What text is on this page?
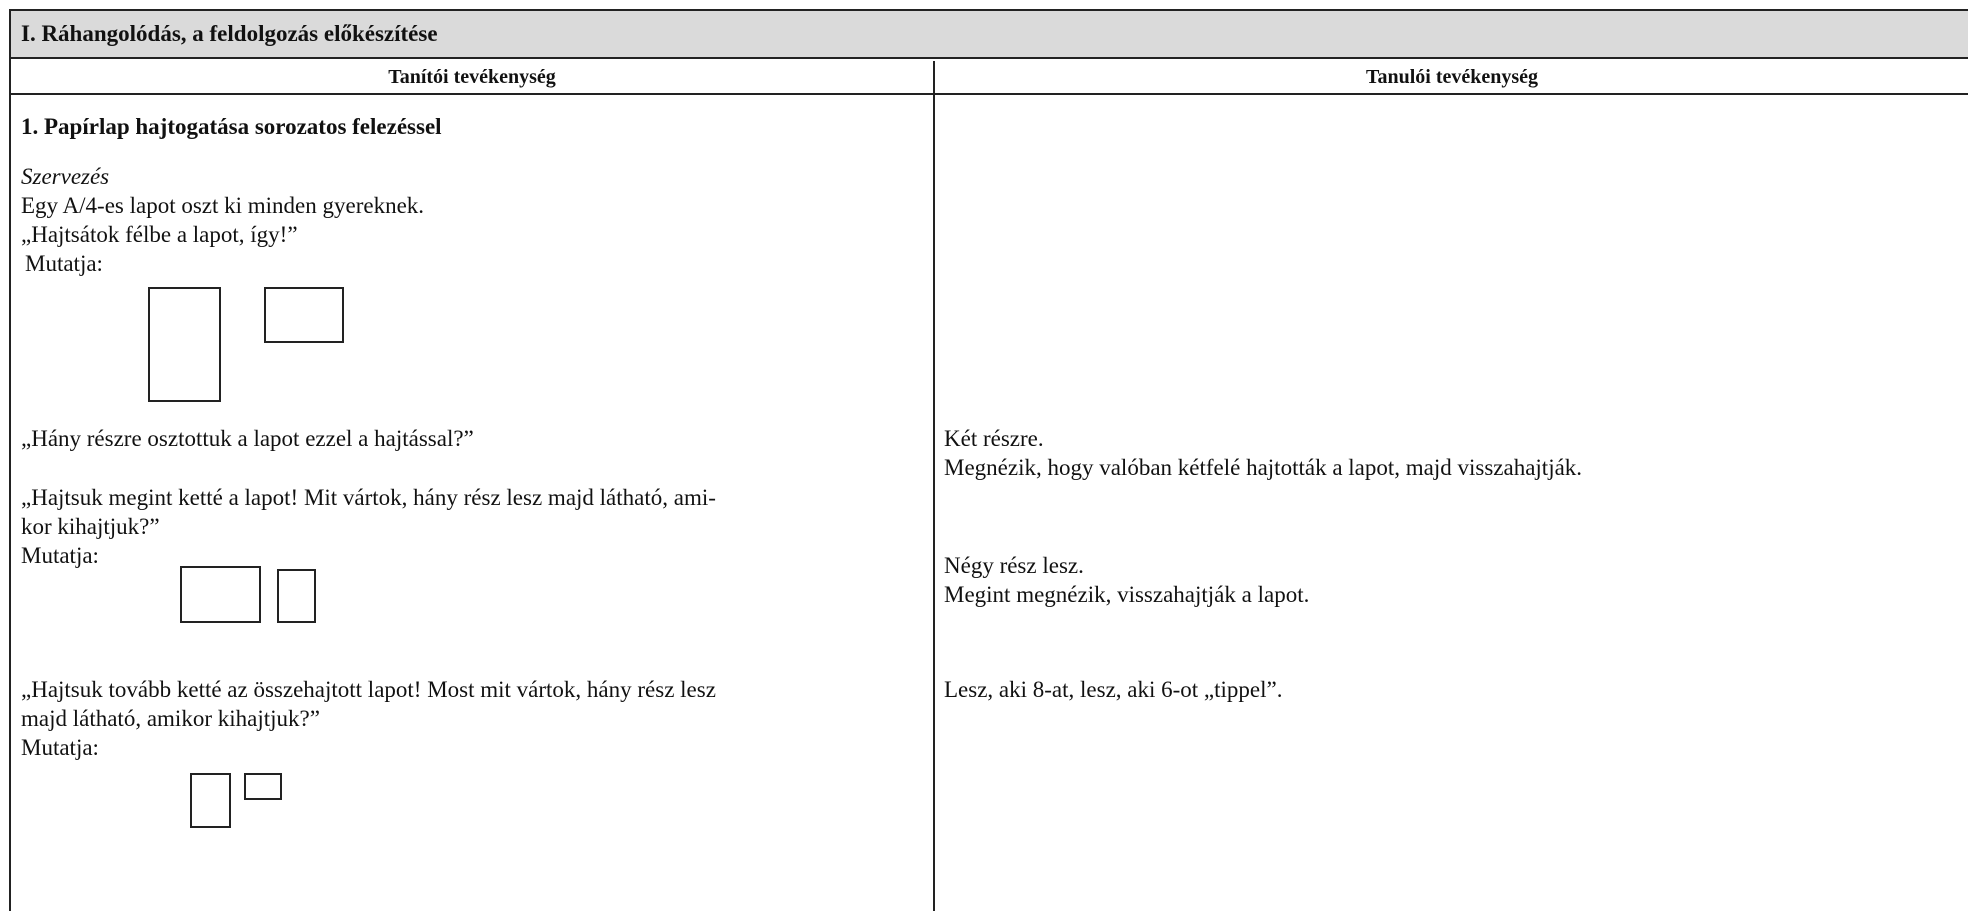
I. Ráhangolódás, a feldolgozás előkészítése
Tanítói tevékenység	Tanulói tevékenység
1. Papírlap hajtogatása sorozatos felezéssel
Szervezés
Egy A/4-es lapot oszt ki minden gyereknek.
„Hajtsátok félbe a lapot, így!”
Mutatja:
„Hány részre osztottuk a lapot ezzel a hajtással?”
„Hajtsuk megint ketté a lapot! Mit vártok, hány rész lesz majd látható, ami-
kor kihajtjuk?”
Mutatja:
„Hajtsuk tovább ketté az összehajtott lapot! Most mit vártok, hány rész lesz
majd látható, amikor kihajtjuk?”
Mutatja:
Két részre.
Megnézik, hogy valóban kétfelé hajtották a lapot, majd visszahajtják.
Négy rész lesz.
Megint megnézik, visszahajtják a lapot.
Lesz, aki 8-at, lesz, aki 6-ot „tippel”.
